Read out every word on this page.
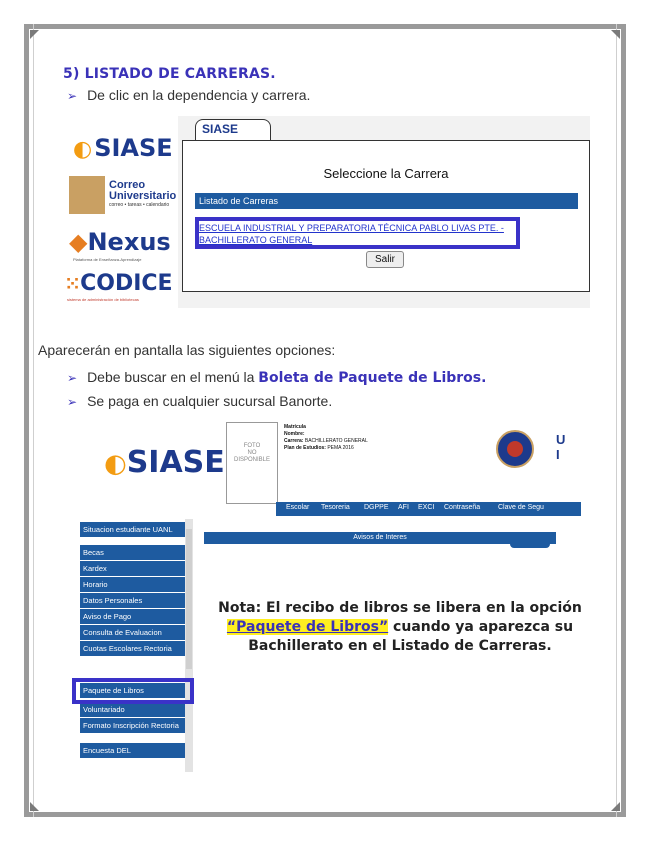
5) LISTADO DE CARRERAS.
➢ De clic en la dependencia y carrera.
◐SIASE
Correo
Universitario
correo • tareas • calendario
◆Nexus
Plataforma de Enseñanza-Aprendizaje
⁙CODICE
sistema de administración de bibliotecas
SIASE
Seleccione la Carrera
Listado de Carreras
ESCUELA INDUSTRIAL Y PREPARATORIA TÉCNICA PABLO LIVAS PTE. - BACHILLERATO GENERAL
Salir
Aparecerán en pantalla las siguientes opciones:
➢ Debe buscar en el menú la Boleta de Paquete de Libros.
➢ Se paga en cualquier sucursal Banorte.
◐SIASE	FOTO
NO
DISPONIBLE
Matrícula
Nombre:
Carrera: BACHILLERATO GENERAL
Plan de Estudios: PEMA 2016
U
I
Escolar Tesoreria DGPPE AFI EXCI Contraseña	Clave de Segu
Situacion estudiante UANL
Becas
Kardex
Horario
Datos Personales
Aviso de Pago
Consulta de Evaluacion
Cuotas Escolares Rectoria
Paquete de Libros
Voluntariado
Formato Inscripción Rectoria
Encuesta DEL
Avisos de Interes
Nota: El recibo de libros se libera en la opción “Paquete de Libros” cuando ya aparezca su Bachillerato en el Listado de Carreras.
